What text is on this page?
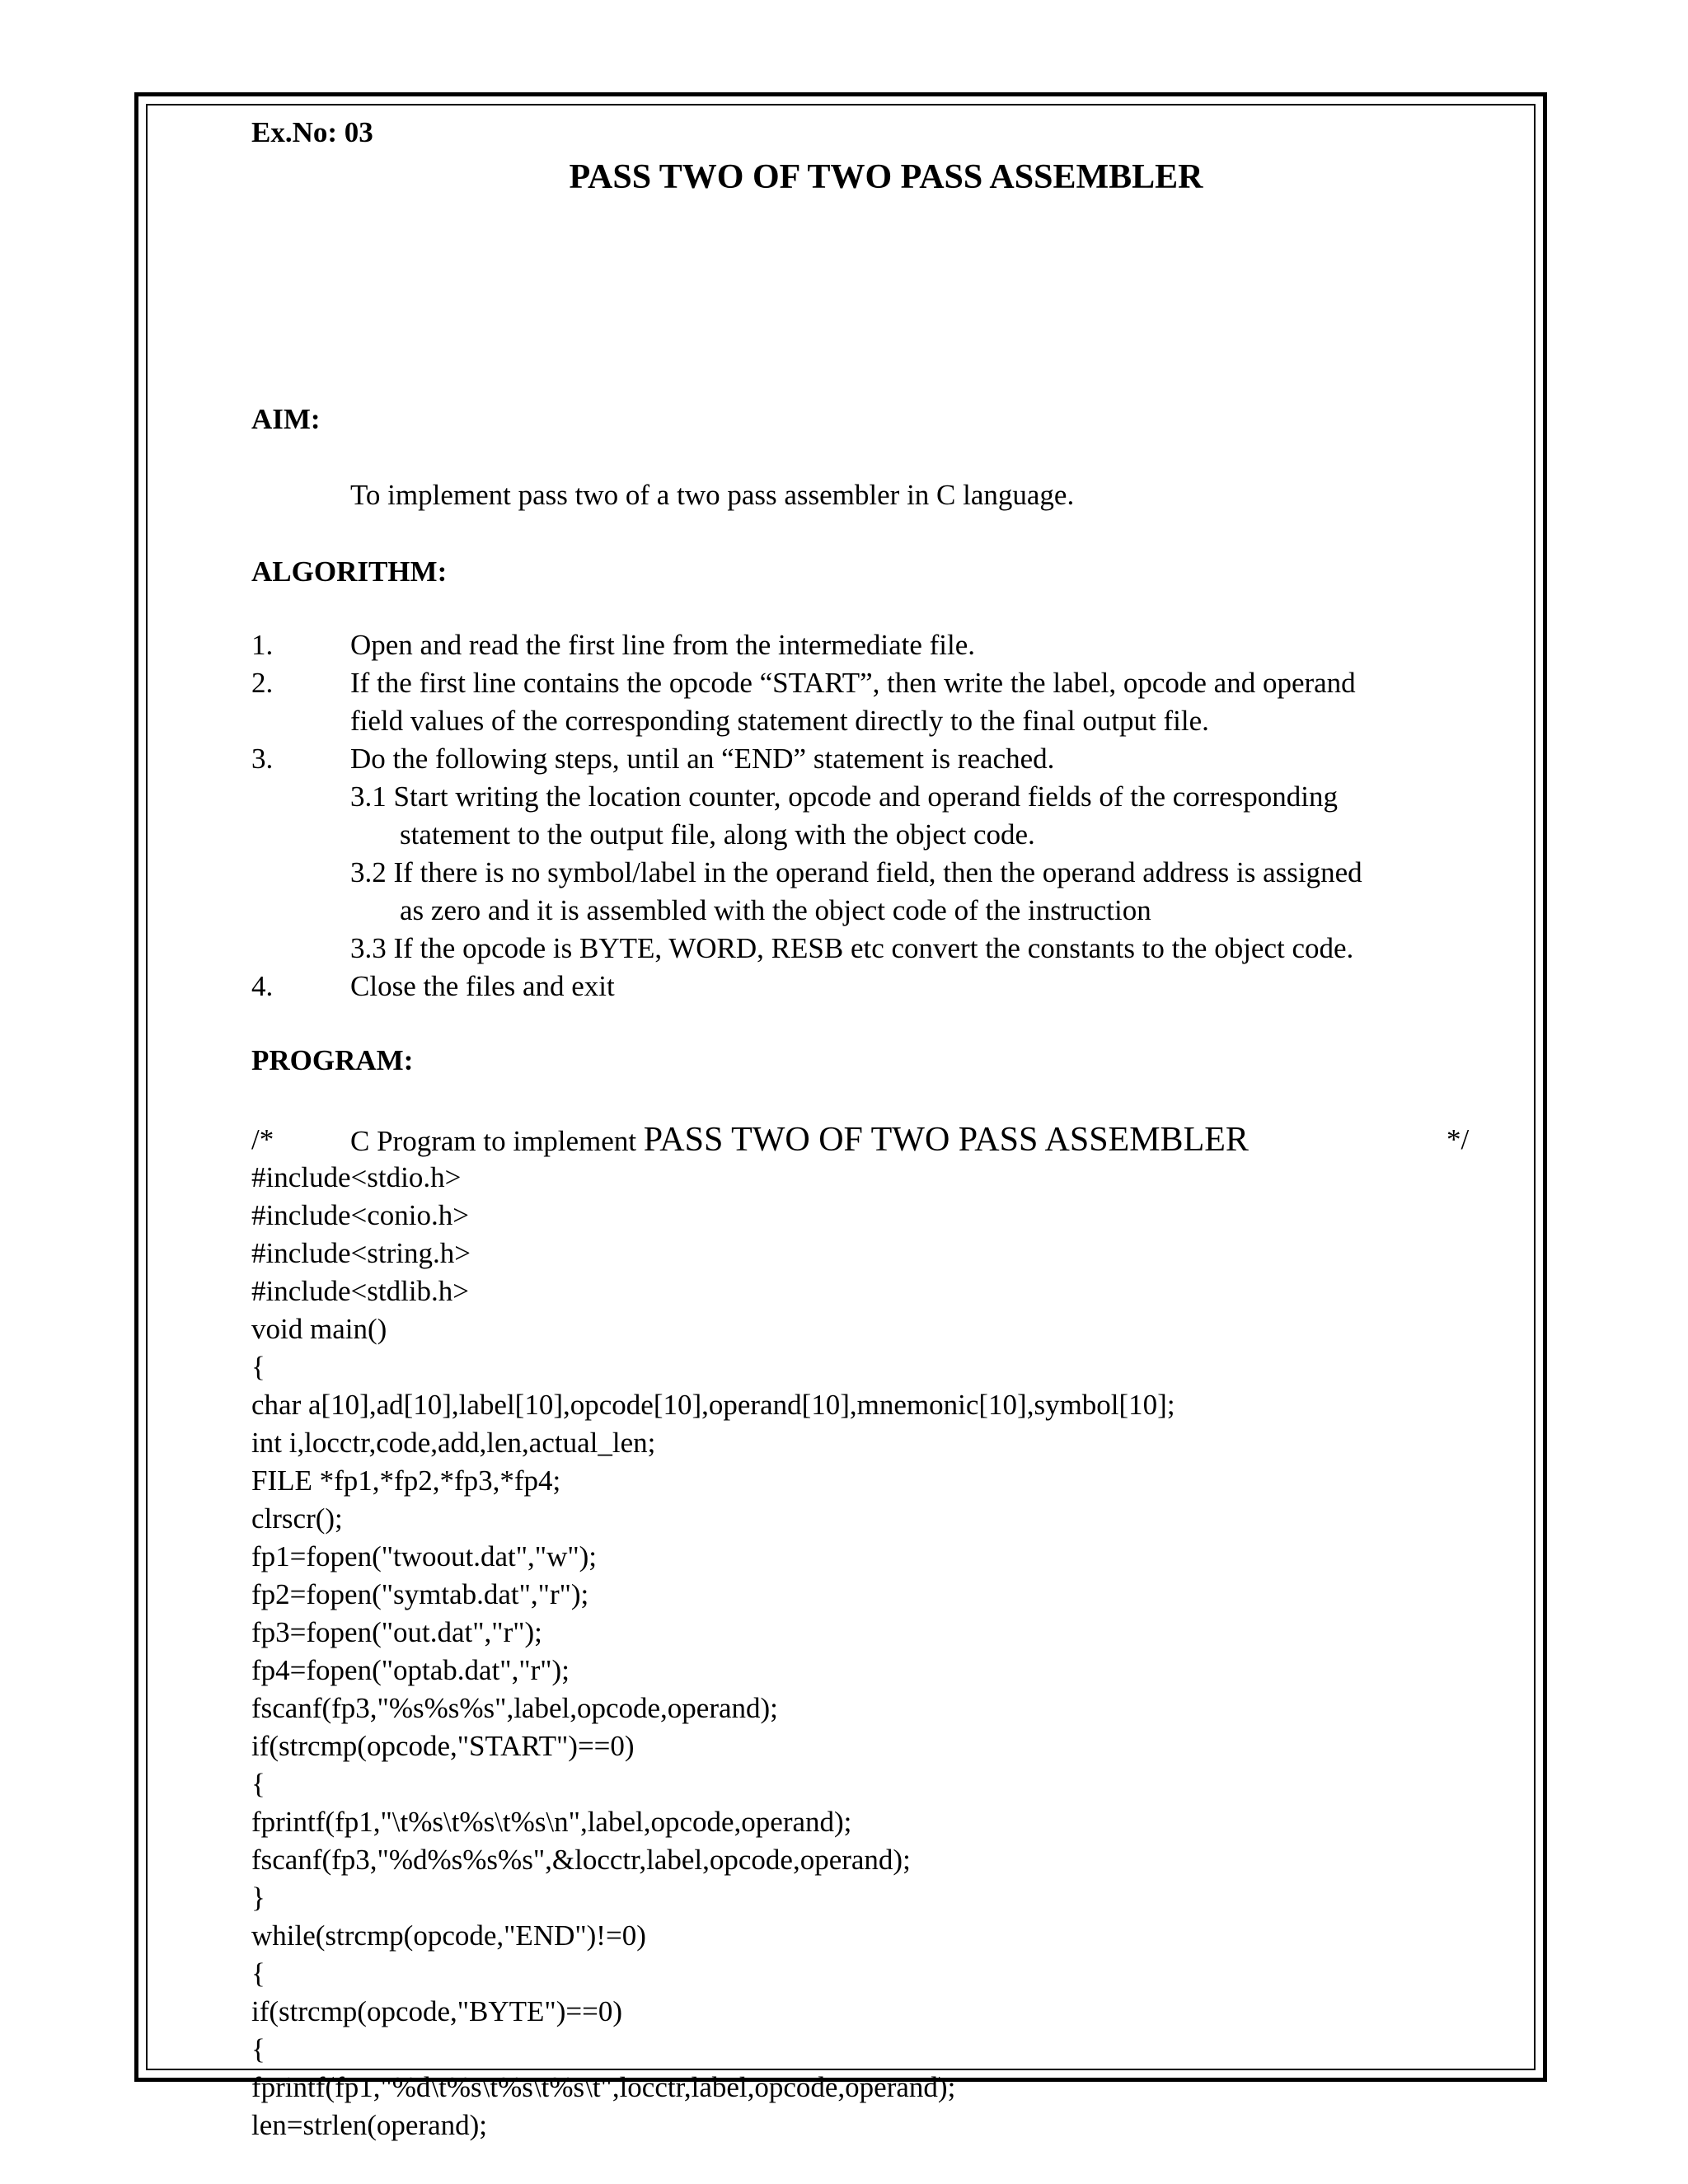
Ex.No: 03
PASS TWO OF TWO PASS ASSEMBLER
AIM:
To implement pass two of a two pass assembler in C language.
ALGORITHM:

1.

	Open and read the first line from the intermediate file.

2.

	If the first line contains the opcode “START”, then write the label, opcode and operand

field values of the corresponding statement directly to the final output file.

3.

	Do the following steps, until an “END” statement is reached.

3.1 Start writing the location counter, opcode and operand fields of the corresponding

statement to the output file, along with the object code.

3.2 If there is no symbol/label in the operand field, then the operand address is assigned

as zero and it is assembled with the object code of the instruction

3.3 If the opcode is BYTE, WORD, RESB etc convert the constants to the object code.

4.

	Close the files and exit

PROGRAM:

/*

	C Program to implement PASS TWO OF TWO PASS ASSEMBLER

	*/

#include<stdio.h>
#include<conio.h>
#include<string.h>
#include<stdlib.h>
void main()
{
char a[10],ad[10],label[10],opcode[10],operand[10],mnemonic[10],symbol[10];
int i,locctr,code,add,len,actual_len;
FILE *fp1,*fp2,*fp3,*fp4;
clrscr();
fp1=fopen("twoout.dat","w");
fp2=fopen("symtab.dat","r");
fp3=fopen("out.dat","r");
fp4=fopen("optab.dat","r");
fscanf(fp3,"%s%s%s",label,opcode,operand);
if(strcmp(opcode,"START")==0)
{
fprintf(fp1,"\t%s\t%s\t%s\n",label,opcode,operand);
fscanf(fp3,"%d%s%s%s",&locctr,label,opcode,operand);
}
while(strcmp(opcode,"END")!=0)
{
if(strcmp(opcode,"BYTE")==0)
{
fprintf(fp1,"%d\t%s\t%s\t%s\t",locctr,label,opcode,operand);
len=strlen(operand);
